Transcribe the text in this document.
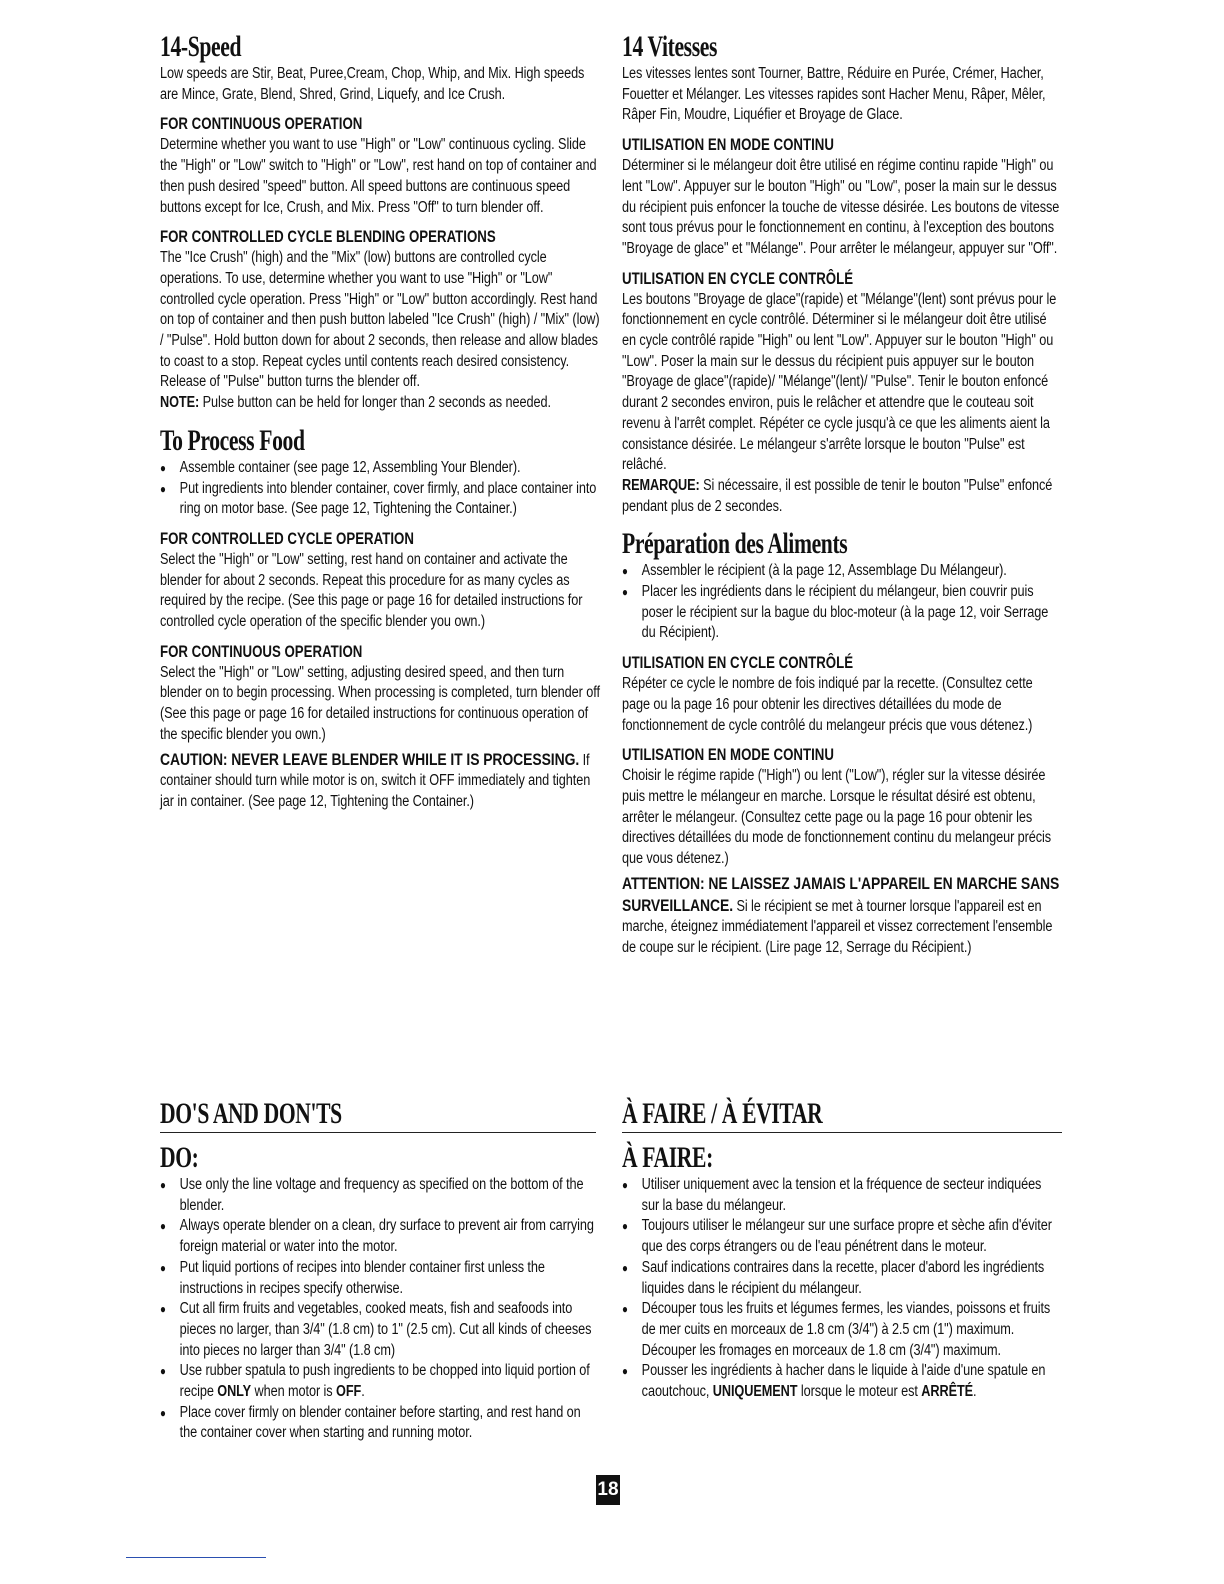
14-Speed

Low speeds are Stir, Beat, Puree,Cream, Chop, Whip, and Mix. High speeds are Mince, Grate, Blend, Shred, Grind, Liquefy, and Ice Crush.

FOR CONTINUOUS OPERATION

Determine whether you want to use "High" or "Low" continuous cycling. Slide the "High" or "Low" switch to "High" or "Low", rest hand on top of container and then push desired "speed" button. All speed buttons are continuous speed buttons except for Ice, Crush, and Mix. Press "Off" to turn blender off.

FOR CONTROLLED CYCLE BLENDING OPERATIONS

The "Ice Crush" (high) and the "Mix" (low) buttons are controlled cycle operations. To use, determine whether you want to use "High" or "Low" controlled cycle operation. Press "High" or "Low" button accordingly. Rest hand on top of container and then push button labeled "Ice Crush" (high) / "Mix" (low) / "Pulse". Hold button down for about 2 seconds, then release and allow blades to coast to a stop. Repeat cycles until contents reach desired consistency. Release of "Pulse" button turns the blender off.

NOTE: Pulse button can be held for longer than 2 seconds as needed.

To Process Food
● Assemble container (see page 12, Assembling Your Blender).
● Put ingredients into blender container, cover firmly, and place container into ring on motor base. (See page 12, Tightening the Container.)
FOR CONTROLLED CYCLE OPERATION

Select the "High" or "Low" setting, rest hand on container and activate the blender for about 2 seconds. Repeat this procedure for as many cycles as required by the recipe. (See this page or page 16 for detailed instructions for controlled cycle operation of the specific blender you own.)

FOR CONTINUOUS OPERATION

Select the "High" or "Low" setting, adjusting desired speed, and then turn blender on to begin processing. When processing is completed, turn blender off (See this page or page 16 for detailed instructions for continuous operation of the specific blender you own.)

CAUTION: NEVER LEAVE BLENDER WHILE IT IS PROCESSING. If container should turn while motor is on, switch it OFF immediately and tighten jar in container. (See page 12, Tightening the Container.)

14 Vitesses

Les vitesses lentes sont Tourner, Battre, Réduire en Purée, Crémer, Hacher, Fouetter et Mélanger. Les vitesses rapides sont Hacher Menu, Râper, Mêler, Râper Fin, Moudre, Liquéfier et Broyage de Glace.

UTILISATION EN MODE CONTINU

Déterminer si le mélangeur doit être utilisé en régime continu rapide "High" ou lent "Low". Appuyer sur le bouton "High" ou "Low", poser la main sur le dessus du récipient puis enfoncer la touche de vitesse désirée. Les boutons de vitesse sont tous prévus pour le fonctionnement en continu, à l'exception des boutons "Broyage de glace" et "Mélange". Pour arrêter le mélangeur, appuyer sur "Off".

UTILISATION EN CYCLE CONTRÔLÉ

Les boutons "Broyage de glace"(rapide) et "Mélange"(lent) sont prévus pour le fonctionnement en cycle contrôlé. Déterminer si le mélangeur doit être utilisé en cycle contrôlé rapide "High" ou lent "Low". Appuyer sur le bouton "High" ou "Low". Poser la main sur le dessus du récipient puis appuyer sur le bouton "Broyage de glace"(rapide)/ "Mélange"(lent)/ "Pulse". Tenir le bouton enfoncé durant 2 secondes environ, puis le relâcher et attendre que le couteau soit revenu à l'arrêt complet. Répéter ce cycle jusqu'à ce que les aliments aient la consistance désirée. Le mélangeur s'arrête lorsque le bouton "Pulse" est relâché.

REMARQUE: Si nécessaire, il est possible de tenir le bouton "Pulse" enfoncé pendant plus de 2 secondes.

Préparation des Aliments
● Assembler le récipient (à la page 12, Assemblage Du Mélangeur).
● Placer les ingrédients dans le récipient du mélangeur, bien couvrir puis poser le récipient sur la bague du bloc-moteur (à la page 12, voir Serrage du Récipient).
UTILISATION EN CYCLE CONTRÔLÉ

Répéter ce cycle le nombre de fois indiqué par la recette. (Consultez cette page ou la page 16 pour obtenir les directives détaillées du mode de fonctionnement de cycle contrôlé du melangeur précis que vous détenez.)

UTILISATION EN MODE CONTINU

Choisir le régime rapide ("High") ou lent ("Low"), régler sur la vitesse désirée puis mettre le mélangeur en marche. Lorsque le résultat désiré est obtenu, arrêter le mélangeur. (Consultez cette page ou la page 16 pour obtenir les directives détaillées du mode de fonctionnement continu du melangeur précis que vous détenez.)

ATTENTION: NE LAISSEZ JAMAIS L'APPAREIL EN MARCHE SANS SURVEILLANCE. Si le récipient se met à tourner lorsque l'appareil est en marche, éteignez immédiatement l'appareil et vissez correctement l'ensemble de coupe sur le récipient. (Lire page 12, Serrage du Récipient.)

DO'S AND DON'TS
DO:
● Use only the line voltage and frequency as specified on the bottom of the blender.
● Always operate blender on a clean, dry surface to prevent air from carrying foreign material or water into the motor.
● Put liquid portions of recipes into blender container first unless the instructions in recipes specify otherwise.
● Cut all firm fruits and vegetables, cooked meats, fish and seafoods into pieces no larger, than 3/4" (1.8 cm) to 1" (2.5 cm). Cut all kinds of cheeses into pieces no larger than 3/4" (1.8 cm)
● Use rubber spatula to push ingredients to be chopped into liquid portion of recipe ONLY when motor is OFF.
● Place cover firmly on blender container before starting, and rest hand on the container cover when starting and running motor.
À FAIRE / À ÉVITAR
À FAIRE:
● Utiliser uniquement avec la tension et la fréquence de secteur indiquées sur la base du mélangeur.
● Toujours utiliser le mélangeur sur une surface propre et sèche afin d'éviter que des corps étrangers ou de l'eau pénétrent dans le moteur.
● Sauf indications contraires dans la recette, placer d'abord les ingrédients liquides dans le récipient du mélangeur.
● Découper tous les fruits et légumes fermes, les viandes, poissons et fruits de mer cuits en morceaux de 1.8 cm (3/4") à 2.5 cm (1") maximum. Découper les fromages en morceaux de 1.8 cm (3/4") maximum.
● Pousser les ingrédients à hacher dans le liquide à l'aide d'une spatule en caoutchouc, UNIQUEMENT lorsque le moteur est ARRÊTÉ.
18
